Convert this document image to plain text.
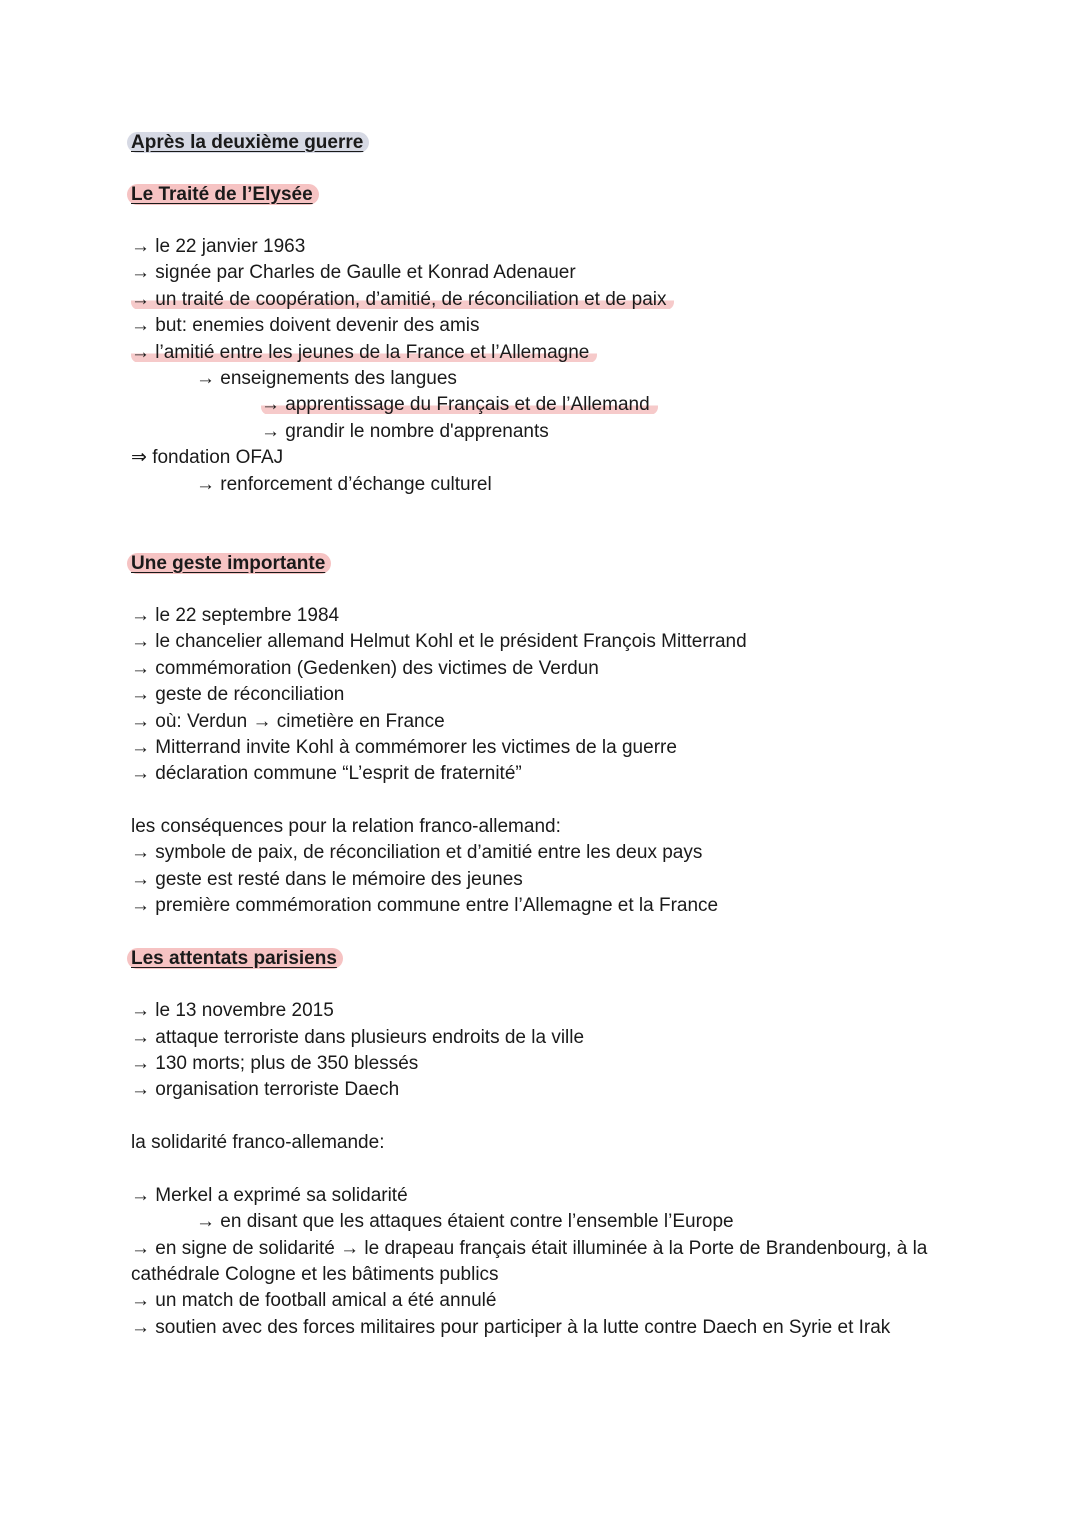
Après la deuxième guerre
Le Traité de l’Elysée
→ le 22 janvier 1963
→ signée par Charles de Gaulle et Konrad Adenauer
→ un traité de coopération, d’amitié, de réconciliation et de paix
→ but: enemies doivent devenir des amis
→ l’amitié entre les jeunes de la France et l’Allemagne
→ enseignements des langues
→ apprentissage du Français et de l’Allemand
→ grandir le nombre d'apprenants
⇒ fondation OFAJ
→ renforcement d’échange culturel
Une geste importante
→ le 22 septembre 1984
→ le chancelier allemand Helmut Kohl et le président François Mitterrand
→ commémoration (Gedenken) des victimes de Verdun
→ geste de réconciliation
→ où: Verdun → cimetière en France
→ Mitterrand invite Kohl à commémorer les victimes de la guerre
→ déclaration commune “L’esprit de fraternité”
les conséquences pour la relation franco-allemand:
→ symbole de paix, de réconciliation et d’amitié entre les deux pays
→ geste est resté dans le mémoire des jeunes
→ première commémoration commune entre l’Allemagne et la France
Les attentats parisiens
→ le 13 novembre 2015
→ attaque terroriste dans plusieurs endroits de la ville
→ 130 morts; plus de 350 blessés
→ organisation terroriste Daech
la solidarité franco-allemande:
→ Merkel a exprimé sa solidarité
→ en disant que les attaques étaient contre l’ensemble l’Europe
→ en signe de solidarité → le drapeau français était illuminée à la Porte de Brandenbourg, à la cathédrale Cologne et les bâtiments publics
→ un match de football amical a été annulé
→ soutien avec des forces militaires pour participer à la lutte contre Daech en Syrie et Irak
